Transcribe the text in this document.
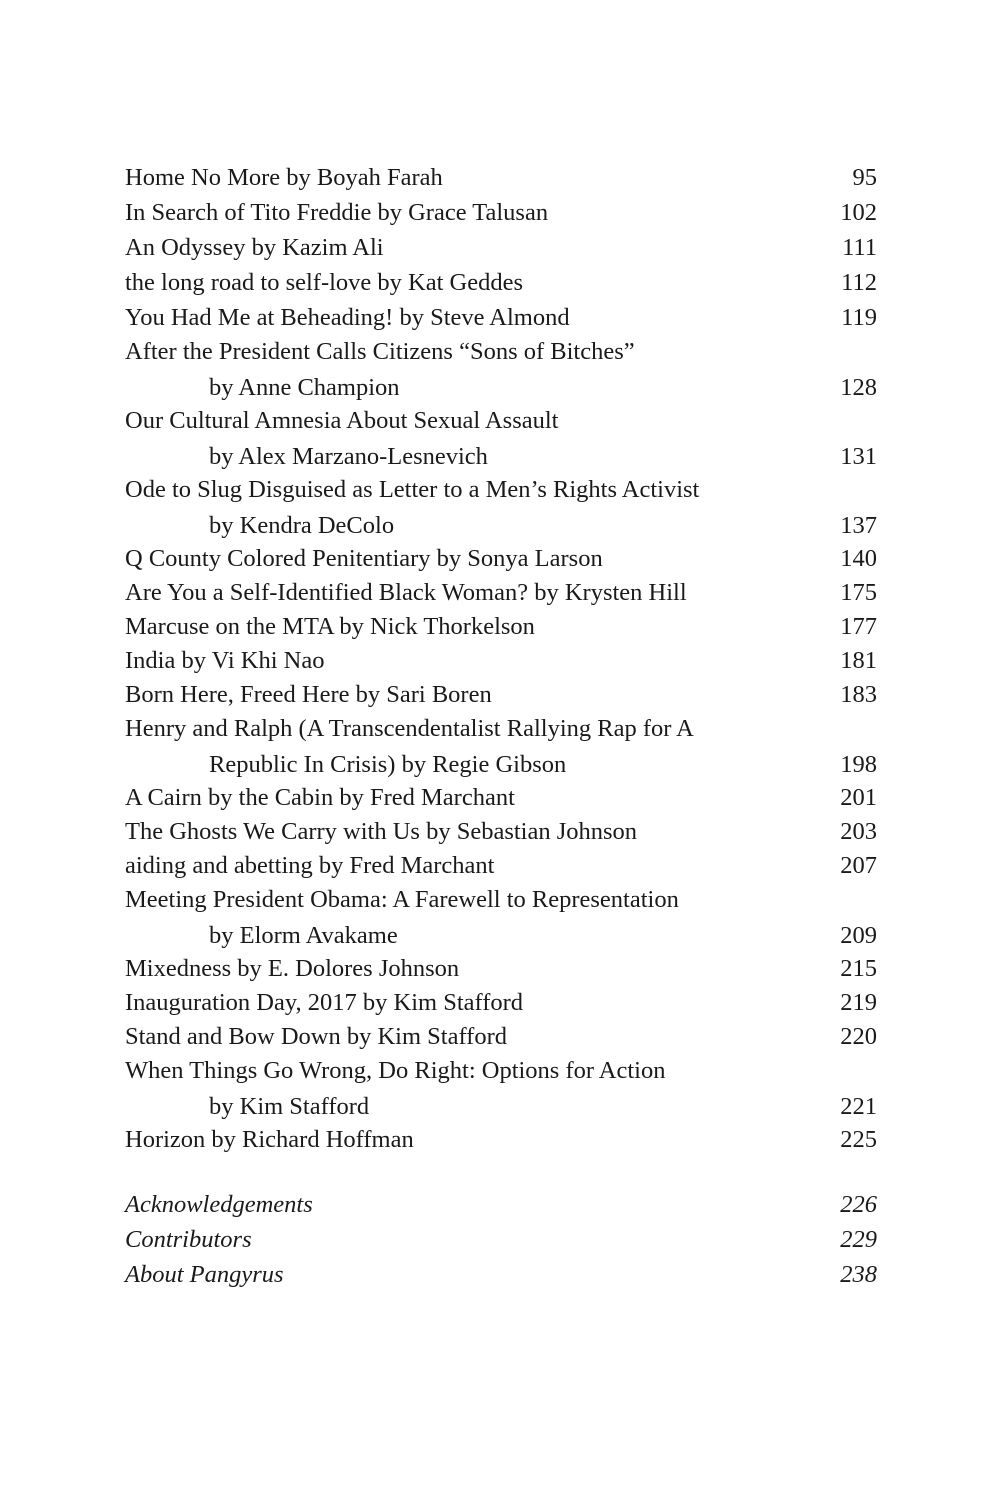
Home No More by Boyah Farah	95
In Search of Tito Freddie by Grace Talusan	102
An Odyssey by Kazim Ali	111
the long road to self-love by Kat Geddes	112
You Had Me at Beheading! by Steve Almond	119
After the President Calls Citizens “Sons of Bitches”
by Anne Champion	128
Our Cultural Amnesia About Sexual Assault
by Alex Marzano-Lesnevich	131
Ode to Slug Disguised as Letter to a Men’s Rights Activist
by Kendra DeColo	137
Q County Colored Penitentiary by Sonya Larson	140
Are You a Self-Identified Black Woman? by Krysten Hill	175
Marcuse on the MTA by Nick Thorkelson	177
India by Vi Khi Nao	181
Born Here, Freed Here by Sari Boren	183
Henry and Ralph (A Transcendentalist Rallying Rap for A
Republic In Crisis) by Regie Gibson	198
A Cairn by the Cabin by Fred Marchant	201
The Ghosts We Carry with Us by Sebastian Johnson	203
aiding and abetting by Fred Marchant	207
Meeting President Obama: A Farewell to Representation
by Elorm Avakame	209
Mixedness by E. Dolores Johnson	215
Inauguration Day, 2017 by Kim Stafford	219
Stand and Bow Down by Kim Stafford	220
When Things Go Wrong, Do Right: Options for Action
by Kim Stafford	221
Horizon by Richard Hoffman	225
Acknowledgements	226
Contributors	229
About Pangyrus	238
